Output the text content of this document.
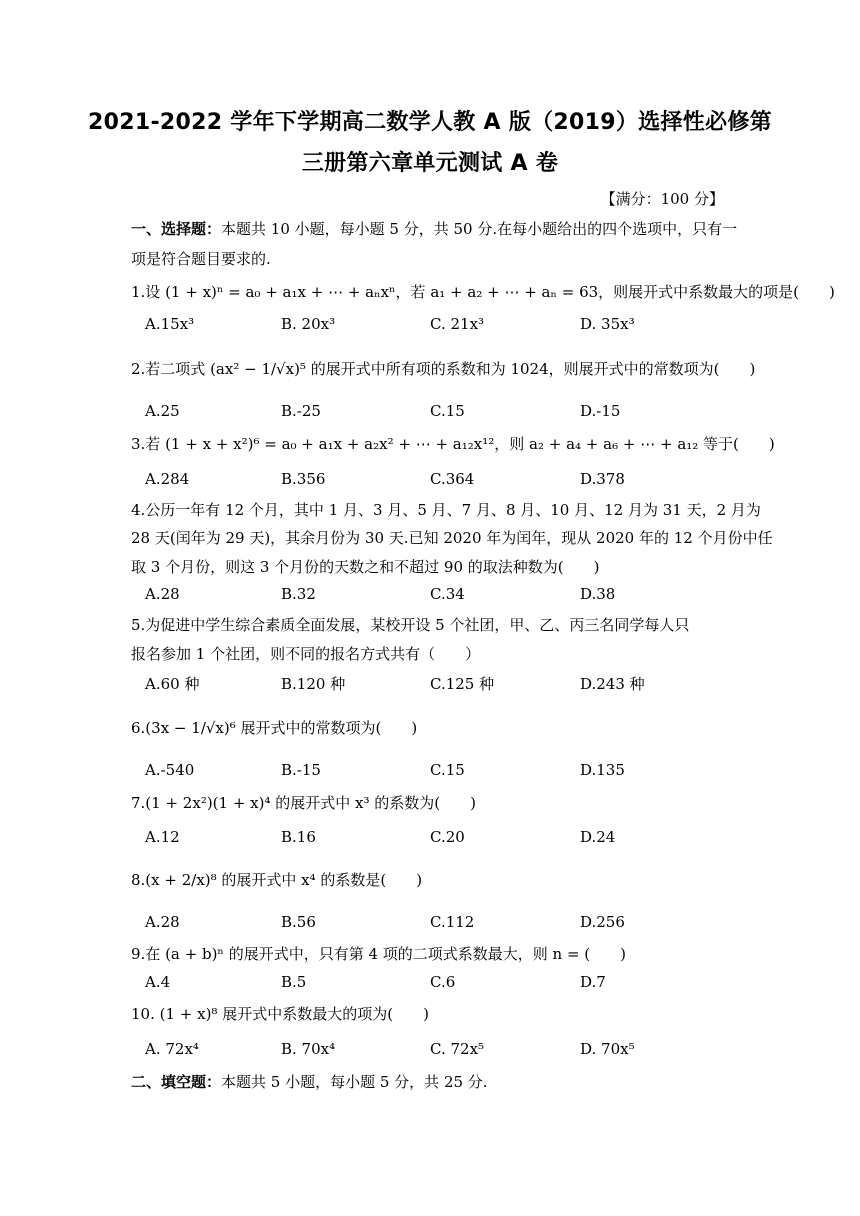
2021-2022 学年下学期高二数学人教 A 版（2019）选择性必修第
三册第六章单元测试 A 卷
【满分：100 分】
一、选择题：本题共 10 小题，每小题 5 分，共 50 分.在每小题给出的四个选项中，只有一
项是符合题目要求的.
1.设 (1 + x)ⁿ = a₀ + a₁x + ⋯ + aₙxⁿ，若 a₁ + a₂ + ⋯ + aₙ = 63，则展开式中系数最大的项是(　　)
A.15x³	B. 20x³	C. 21x³	D. 35x³
2.若二项式 (ax² − 1/√x)⁵ 的展开式中所有项的系数和为 1024，则展开式中的常数项为(　　)
A.25	B.-25	C.15	D.-15
3.若 (1 + x + x²)⁶ = a₀ + a₁x + a₂x² + ⋯ + a₁₂x¹²，则 a₂ + a₄ + a₆ + ⋯ + a₁₂ 等于(　　)
A.284	B.356	C.364	D.378
4.公历一年有 12 个月，其中 1 月、3 月、5 月、7 月、8 月、10 月、12 月为 31 天，2 月为
28 天(闰年为 29 天)，其余月份为 30 天.已知 2020 年为闰年，现从 2020 年的 12 个月份中任
取 3 个月份，则这 3 个月份的天数之和不超过 90 的取法种数为(　　)
A.28	B.32	C.34	D.38
5.为促进中学生综合素质全面发展，某校开设 5 个社团，甲、乙、丙三名同学每人只
报名参加 1 个社团，则不同的报名方式共有（　　）
A.60 种	B.120 种	C.125 种	D.243 种
6.(3x − 1/√x)⁶ 展开式中的常数项为(　　)
A.-540	B.-15	C.15	D.135
7.(1 + 2x²)(1 + x)⁴ 的展开式中 x³ 的系数为(　　)
A.12	B.16	C.20	D.24
8.(x + 2/x)⁸ 的展开式中 x⁴ 的系数是(　　)
A.28	B.56	C.112	D.256
9.在 (a + b)ⁿ 的展开式中，只有第 4 项的二项式系数最大，则 n = (　　)
A.4	B.5	C.6	D.7
10. (1 + x)⁸ 展开式中系数最大的项为(　　)
A. 72x⁴	B. 70x⁴	C. 72x⁵	D. 70x⁵
二、填空题：本题共 5 小题，每小题 5 分，共 25 分.
